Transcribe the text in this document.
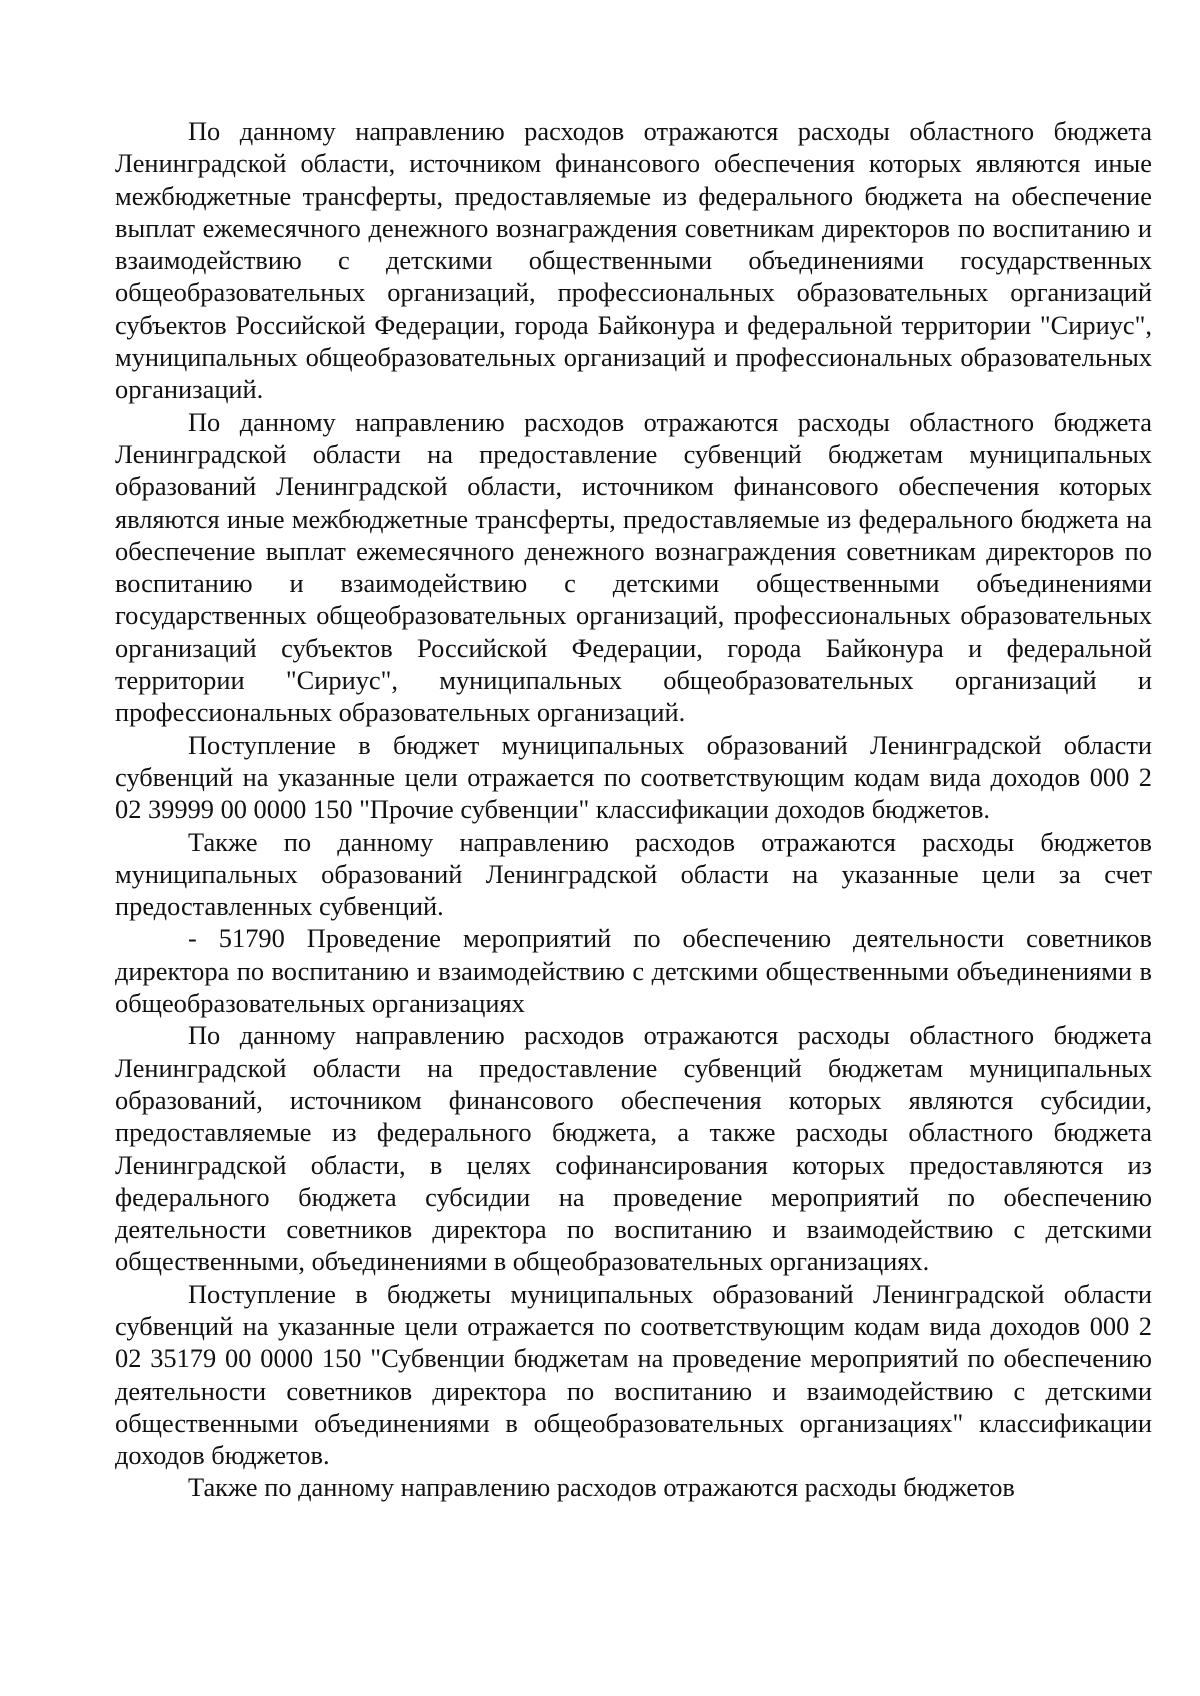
По данному направлению расходов отражаются расходы областного бюджета Ленинградской области, источником финансового обеспечения которых являются иные межбюджетные трансферты, предоставляемые из федерального бюджета на обеспечение выплат ежемесячного денежного вознаграждения советникам директоров по воспитанию и взаимодействию с детскими общественными объединениями государственных общеобразовательных организаций, профессиональных образовательных организаций субъектов Российской Федерации, города Байконура и федеральной территории "Сириус", муниципальных общеобразовательных организаций и профессиональных образовательных организаций.

По данному направлению расходов отражаются расходы областного бюджета Ленинградской области на предоставление субвенций бюджетам муниципальных образований Ленинградской области, источником финансового обеспечения которых являются иные межбюджетные трансферты, предоставляемые из федерального бюджета на обеспечение выплат ежемесячного денежного вознаграждения советникам директоров по воспитанию и взаимодействию с детскими общественными объединениями государственных общеобразовательных организаций, профессиональных образовательных организаций субъектов Российской Федерации, города Байконура и федеральной территории "Сириус", муниципальных общеобразовательных организаций и профессиональных образовательных организаций.

Поступление в бюджет муниципальных образований Ленинградской области субвенций на указанные цели отражается по соответствующим кодам вида доходов 000 2 02 39999 00 0000 150 "Прочие субвенции" классификации доходов бюджетов.

Также по данному направлению расходов отражаются расходы бюджетов муниципальных образований Ленинградской области на указанные цели за счет предоставленных субвенций.

- 51790 Проведение мероприятий по обеспечению деятельности советников директора по воспитанию и взаимодействию с детскими общественными объединениями в общеобразовательных организациях

По данному направлению расходов отражаются расходы областного бюджета Ленинградской области на предоставление субвенций бюджетам муниципальных образований, источником финансового обеспечения которых являются субсидии, предоставляемые из федерального бюджета, а также расходы областного бюджета Ленинградской области, в целях софинансирования которых предоставляются из федерального бюджета субсидии на проведение мероприятий по обеспечению деятельности советников директора по воспитанию и взаимодействию с детскими общественными, объединениями в общеобразовательных организациях.

Поступление в бюджеты муниципальных образований Ленинградской области субвенций на указанные цели отражается по соответствующим кодам вида доходов 000 2 02 35179 00 0000 150 "Субвенции бюджетам на проведение мероприятий по обеспечению деятельности советников директора по воспитанию и взаимодействию с детскими общественными объединениями в общеобразовательных организациях" классификации доходов бюджетов.

Также по данному направлению расходов отражаются расходы бюджетов
